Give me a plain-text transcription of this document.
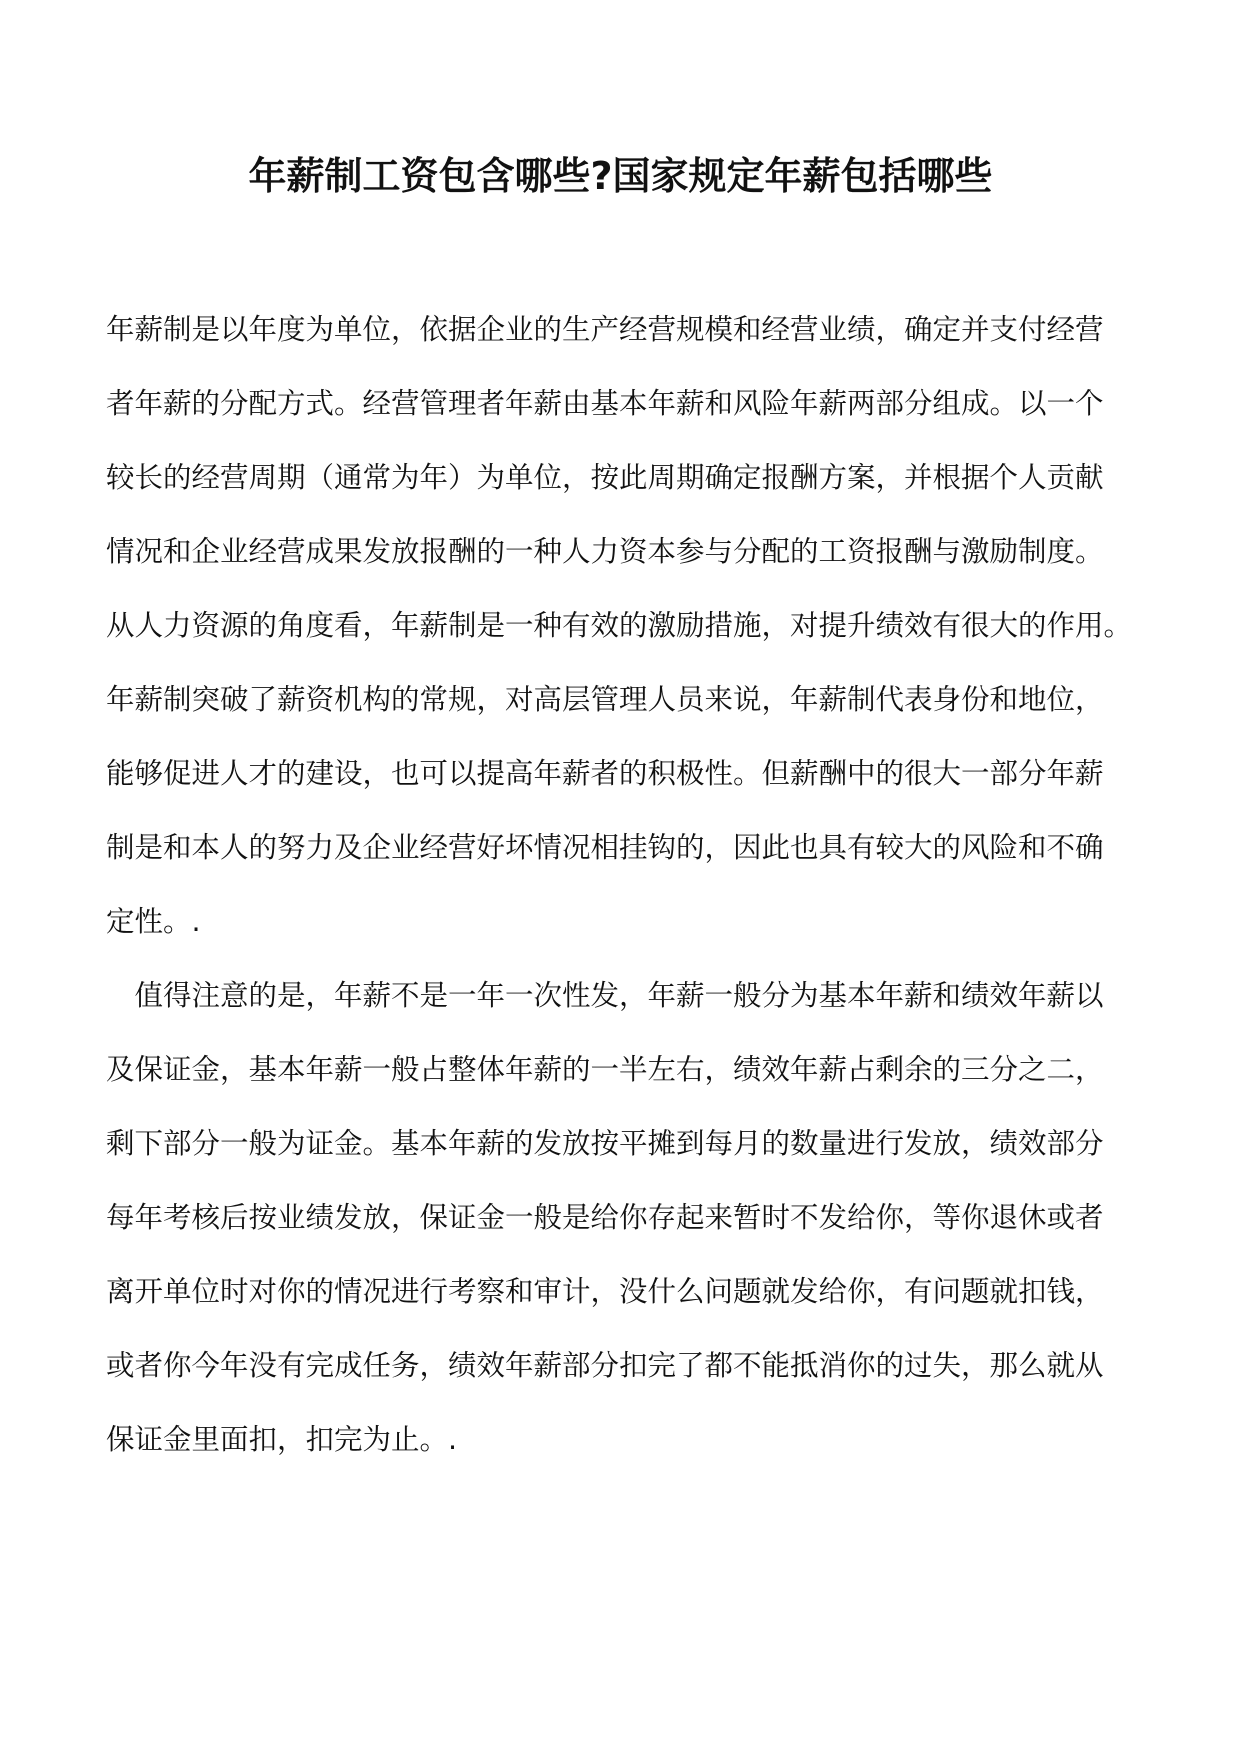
年薪制工资包含哪些?国家规定年薪包括哪些
年薪制是以年度为单位，依据企业的生产经营规模和经营业绩，确定并支付经营
者年薪的分配方式。经营管理者年薪由基本年薪和风险年薪两部分组成。以一个
较长的经营周期（通常为年）为单位，按此周期确定报酬方案，并根据个人贡献
情况和企业经营成果发放报酬的一种人力资本参与分配的工资报酬与激励制度。
从人力资源的角度看，年薪制是一种有效的激励措施，对提升绩效有很大的作用。
年薪制突破了薪资机构的常规，对高层管理人员来说，年薪制代表身份和地位，
能够促进人才的建设，也可以提高年薪者的积极性。但薪酬中的很大一部分年薪
制是和本人的努力及企业经营好坏情况相挂钩的，因此也具有较大的风险和不确
定性。.
　值得注意的是，年薪不是一年一次性发，年薪一般分为基本年薪和绩效年薪以
及保证金，基本年薪一般占整体年薪的一半左右，绩效年薪占剩余的三分之二，
剩下部分一般为证金。基本年薪的发放按平摊到每月的数量进行发放，绩效部分
每年考核后按业绩发放，保证金一般是给你存起来暂时不发给你，等你退休或者
离开单位时对你的情况进行考察和审计，没什么问题就发给你，有问题就扣钱，
或者你今年没有完成任务，绩效年薪部分扣完了都不能抵消你的过失，那么就从
保证金里面扣，扣完为止。.
